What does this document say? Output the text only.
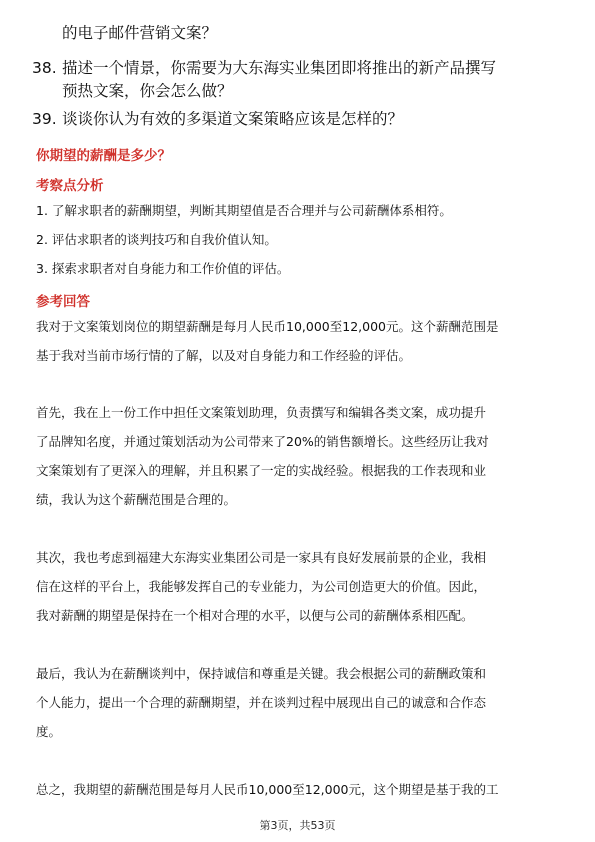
的电子邮件营销文案？
38. 描述一个情景，你需要为大东海实业集团即将推出的新产品撰写
预热文案，你会怎么做？
39. 谈谈你认为有效的多渠道文案策略应该是怎样的？
你期望的薪酬是多少？
考察点分析
1. 了解求职者的薪酬期望，判断其期望值是否合理并与公司薪酬体系相符。
2. 评估求职者的谈判技巧和自我价值认知。
3. 探索求职者对自身能力和工作价值的评估。
参考回答
我对于文案策划岗位的期望薪酬是每月人民币10,000至12,000元。这个薪酬范围是
基于我对当前市场行情的了解，以及对自身能力和工作经验的评估。
首先，我在上一份工作中担任文案策划助理，负责撰写和编辑各类文案，成功提升
了品牌知名度，并通过策划活动为公司带来了20%的销售额增长。这些经历让我对
文案策划有了更深入的理解，并且积累了一定的实战经验。根据我的工作表现和业
绩，我认为这个薪酬范围是合理的。
其次，我也考虑到福建大东海实业集团公司是一家具有良好发展前景的企业，我相
信在这样的平台上，我能够发挥自己的专业能力，为公司创造更大的价值。因此，
我对薪酬的期望是保持在一个相对合理的水平，以便与公司的薪酬体系相匹配。
最后，我认为在薪酬谈判中，保持诚信和尊重是关键。我会根据公司的薪酬政策和
个人能力，提出一个合理的薪酬期望，并在谈判过程中展现出自己的诚意和合作态
度。
总之，我期望的薪酬范围是每月人民币10,000至12,000元，这个期望是基于我的工
第3页，共53页
